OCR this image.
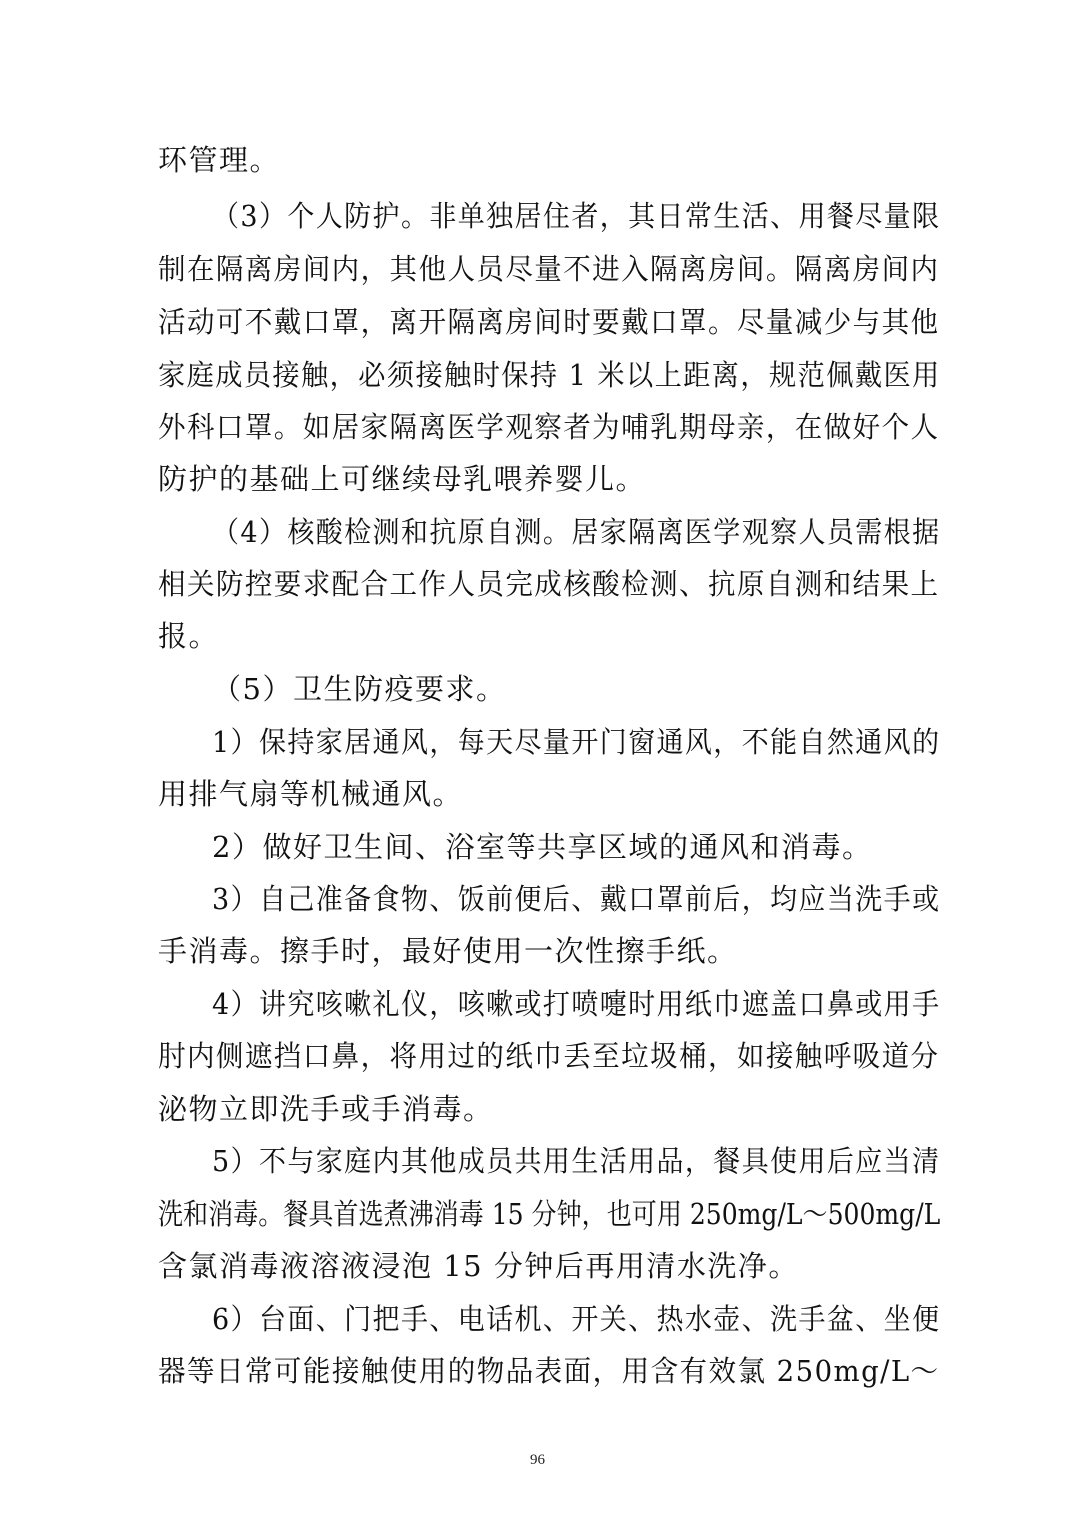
环管理。
（3）个人防护。非单独居住者，其日常生活、用餐尽量限
制在隔离房间内，其他人员尽量不进入隔离房间。隔离房间内
活动可不戴口罩，离开隔离房间时要戴口罩。尽量减少与其他
家庭成员接触，必须接触时保持 1 米以上距离，规范佩戴医用
外科口罩。如居家隔离医学观察者为哺乳期母亲，在做好个人
防护的基础上可继续母乳喂养婴儿。
（4）核酸检测和抗原自测。居家隔离医学观察人员需根据
相关防控要求配合工作人员完成核酸检测、抗原自测和结果上
报。
（5）卫生防疫要求。
1）保持家居通风，每天尽量开门窗通风，不能自然通风的
用排气扇等机械通风。
2）做好卫生间、浴室等共享区域的通风和消毒。
3）自己准备食物、饭前便后、戴口罩前后，均应当洗手或
手消毒。擦手时，最好使用一次性擦手纸。
4）讲究咳嗽礼仪，咳嗽或打喷嚏时用纸巾遮盖口鼻或用手
肘内侧遮挡口鼻，将用过的纸巾丢至垃圾桶，如接触呼吸道分
泌物立即洗手或手消毒。
5）不与家庭内其他成员共用生活用品，餐具使用后应当清
洗和消毒。餐具首选煮沸消毒 15 分钟，也可用 250mg/L～500mg/L
含氯消毒液溶液浸泡 15 分钟后再用清水洗净。
6）台面、门把手、电话机、开关、热水壶、洗手盆、坐便
器等日常可能接触使用的物品表面，用含有效氯 250mg/L～
96
